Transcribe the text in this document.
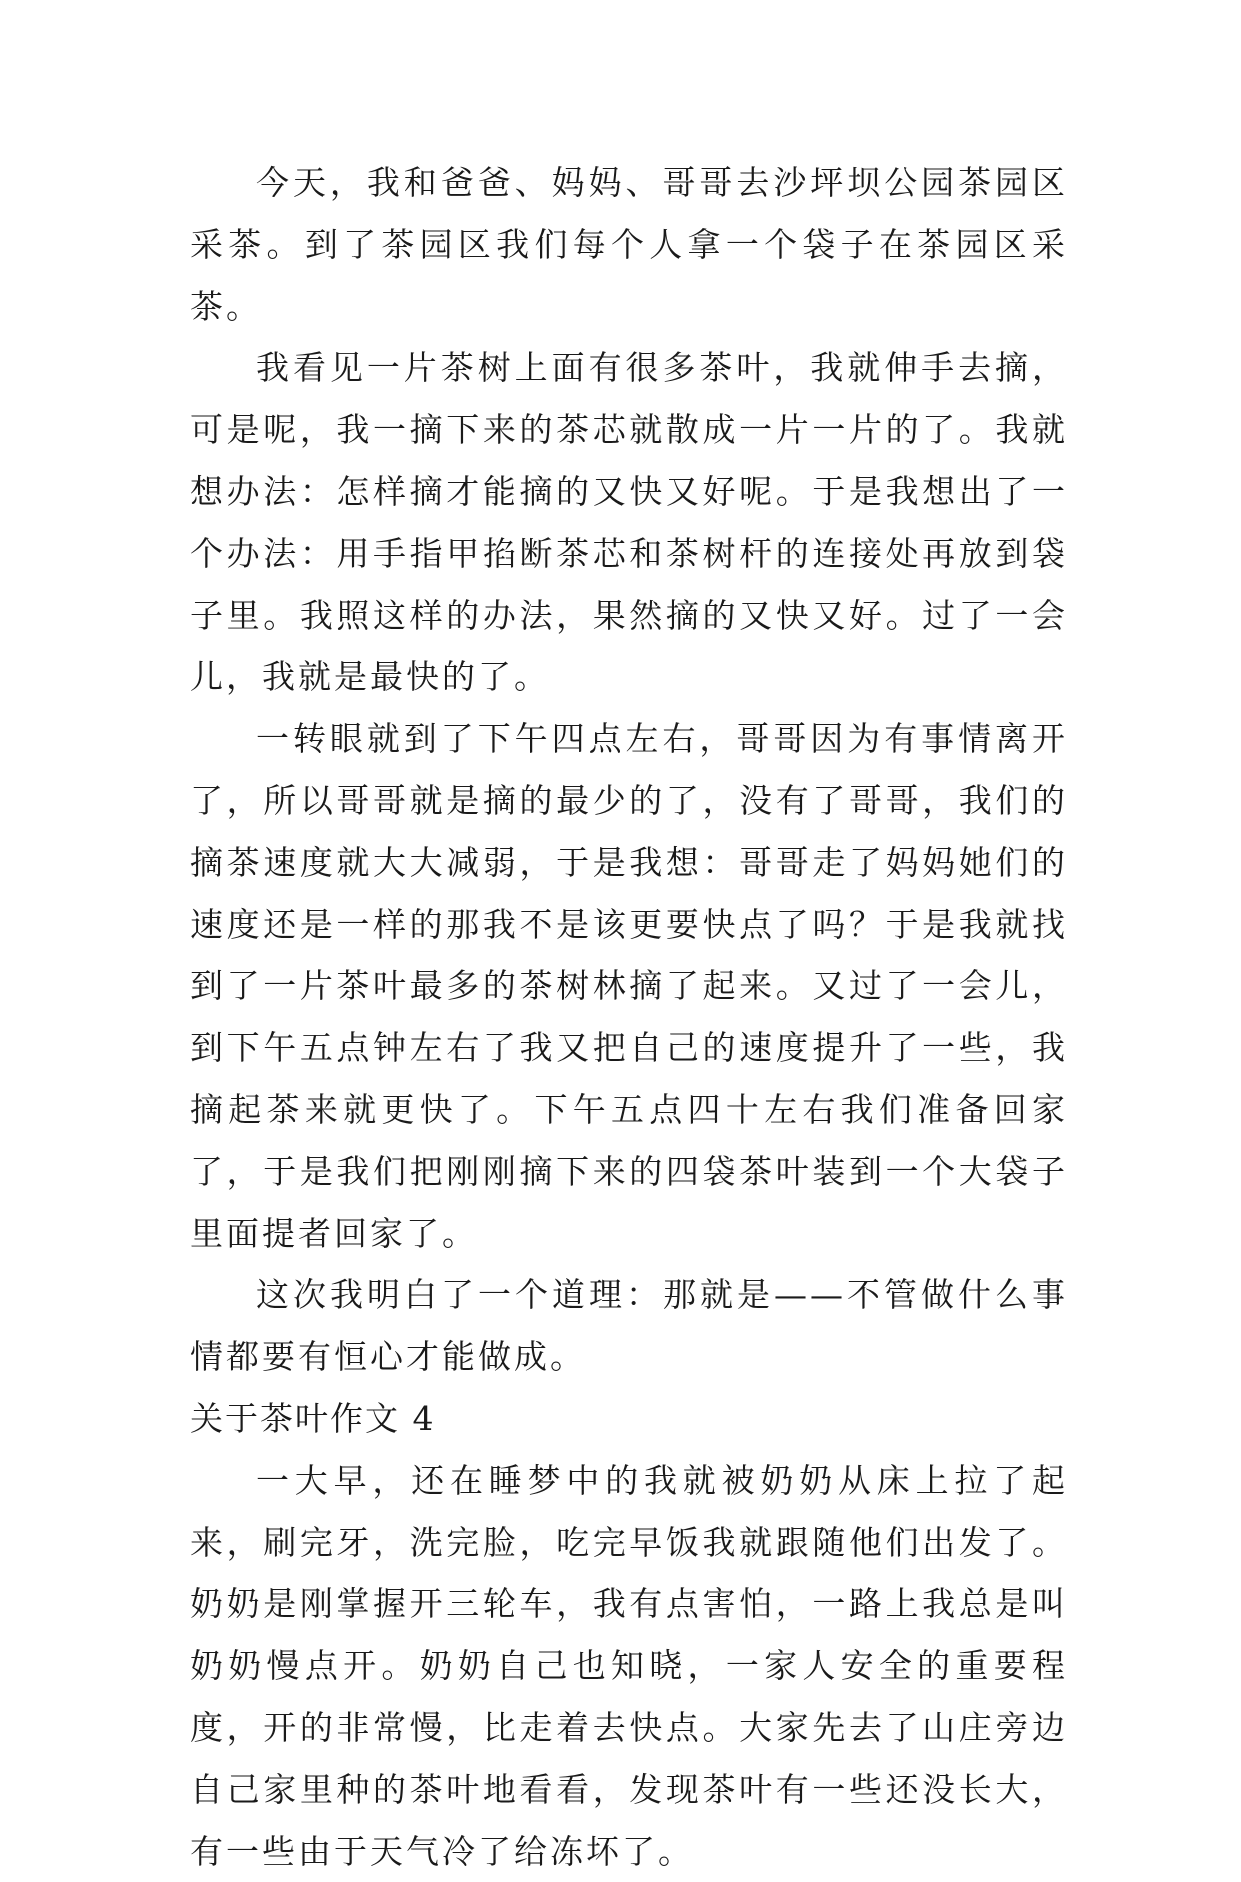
今天，我和爸爸、妈妈、哥哥去沙坪坝公园茶园区采茶。到了茶园区我们每个人拿一个袋子在茶园区采茶。

我看见一片茶树上面有很多茶叶，我就伸手去摘，可是呢，我一摘下来的茶芯就散成一片一片的了。我就想办法：怎样摘才能摘的又快又好呢。于是我想出了一个办法：用手指甲掐断茶芯和茶树杆的连接处再放到袋子里。我照这样的办法，果然摘的又快又好。过了一会儿，我就是最快的了。

一转眼就到了下午四点左右，哥哥因为有事情离开了，所以哥哥就是摘的最少的了，没有了哥哥，我们的摘茶速度就大大减弱，于是我想：哥哥走了妈妈她们的速度还是一样的那我不是该更要快点了吗？于是我就找到了一片茶叶最多的茶树林摘了起来。又过了一会儿，到下午五点钟左右了我又把自己的速度提升了一些，我摘起茶来就更快了。下午五点四十左右我们准备回家了，于是我们把刚刚摘下来的四袋茶叶装到一个大袋子里面提者回家了。

这次我明白了一个道理：那就是——不管做什么事情都要有恒心才能做成。

关于茶叶作文 4

一大早，还在睡梦中的我就被奶奶从床上拉了起来，刷完牙，洗完脸，吃完早饭我就跟随他们出发了。奶奶是刚掌握开三轮车，我有点害怕，一路上我总是叫奶奶慢点开。奶奶自己也知晓，一家人安全的重要程度，开的非常慢，比走着去快点。大家先去了山庄旁边自己家里种的茶叶地看看，发现茶叶有一些还没长大，有一些由于天气冷了给冻坏了。
